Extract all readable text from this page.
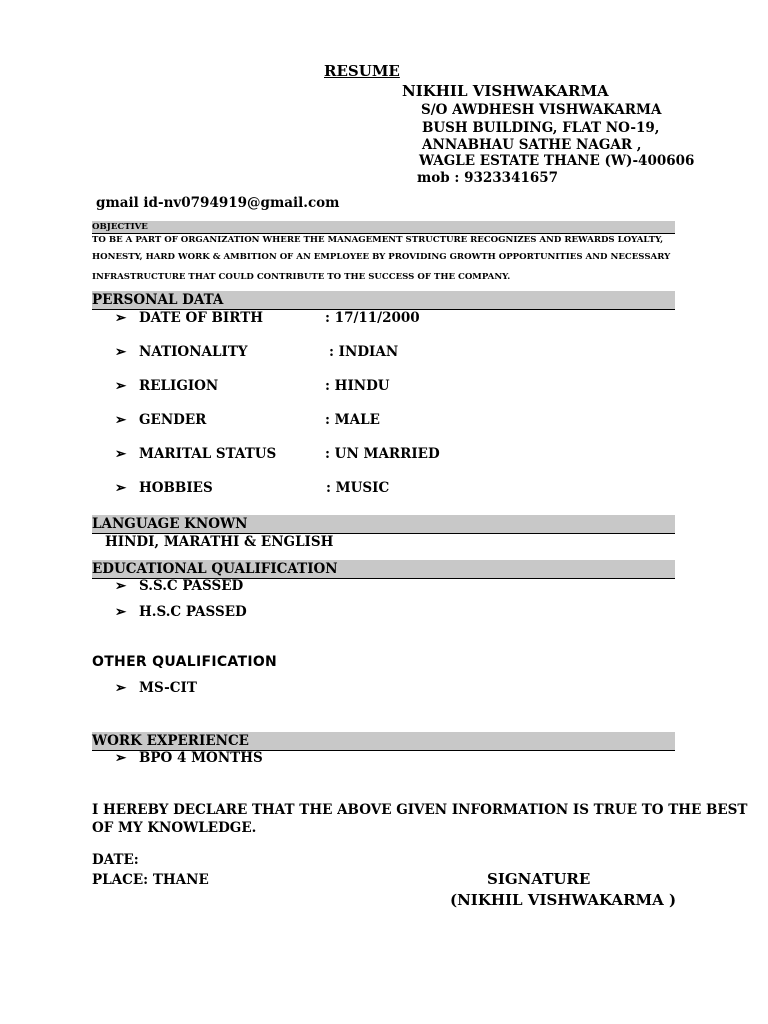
RESUME
NIKHIL VISHWAKARMA
S/O AWDHESH VISHWAKARMA
BUSH BUILDING, FLAT NO-19,
ANNABHAU SATHE NAGAR ,
WAGLE ESTATE THANE (W)-400606
mob : 9323341657
gmail id-nv0794919@gmail.com
OBJECTIVE
TO BE A PART OF ORGANIZATION WHERE THE MANAGEMENT STRUCTURE RECOGNIZES AND REWARDS LOYALTY,
HONESTY, HARD WORK & AMBITION OF AN EMPLOYEE BY PROVIDING GROWTH OPPORTUNITIES AND NECESSARY
INFRASTRUCTURE THAT COULD CONTRIBUTE TO THE SUCCESS OF THE COMPANY.
PERSONAL DATA
➢ DATE OF BIRTH	: 17/11/2000
➢ NATIONALITY	: INDIAN
➢ RELIGION	: HINDU
➢ GENDER	: MALE
➢ MARITAL STATUS	: UN MARRIED
➢ HOBBIES	: MUSIC
LANGUAGE KNOWN
HINDI, MARATHI & ENGLISH
EDUCATIONAL QUALIFICATION
➢ S.S.C PASSED
➢ H.S.C PASSED
OTHER QUALIFICATION
➢ MS-CIT
WORK EXPERIENCE
➢ BPO 4 MONTHS
I HEREBY DECLARE THAT THE ABOVE GIVEN INFORMATION IS TRUE TO THE BEST
OF MY KNOWLEDGE.
DATE:
PLACE: THANE	SIGNATURE
(NIKHIL VISHWAKARMA )
